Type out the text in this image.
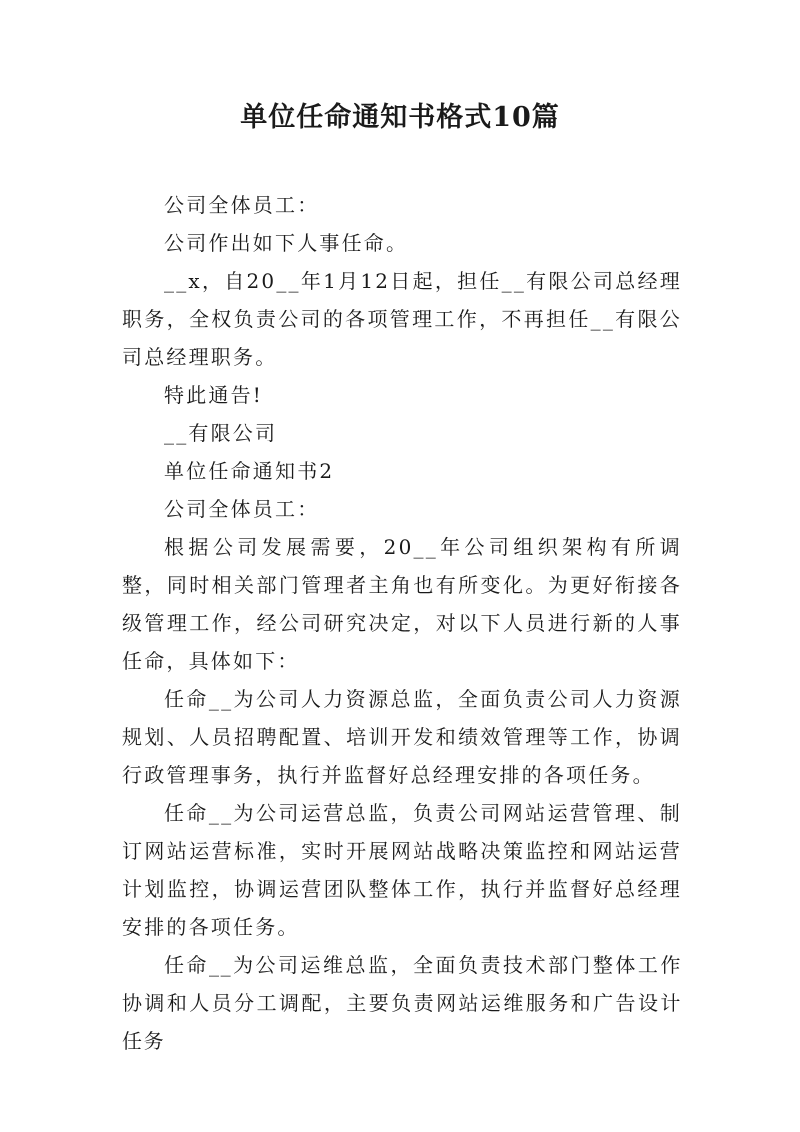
单位任命通知书格式10篇

公司全体员工：

公司作出如下人事任命。

__x，自20__年1月12日起，担任__有限公司总经理职务，全权负责公司的各项管理工作，不再担任__有限公司总经理职务。

特此通告!

__有限公司

单位任命通知书2

公司全体员工：

根据公司发展需要，20__年公司组织架构有所调整，同时相关部门管理者主角也有所变化。为更好衔接各级管理工作，经公司研究决定，对以下人员进行新的人事任命，具体如下：

任命__为公司人力资源总监，全面负责公司人力资源规划、人员招聘配置、培训开发和绩效管理等工作，协调行政管理事务，执行并监督好总经理安排的各项任务。

任命__为公司运营总监，负责公司网站运营管理、制订网站运营标准，实时开展网站战略决策监控和网站运营计划监控，协调运营团队整体工作，执行并监督好总经理安排的各项任务。

任命__为公司运维总监，全面负责技术部门整体工作协调和人员分工调配，主要负责网站运维服务和广告设计任务
